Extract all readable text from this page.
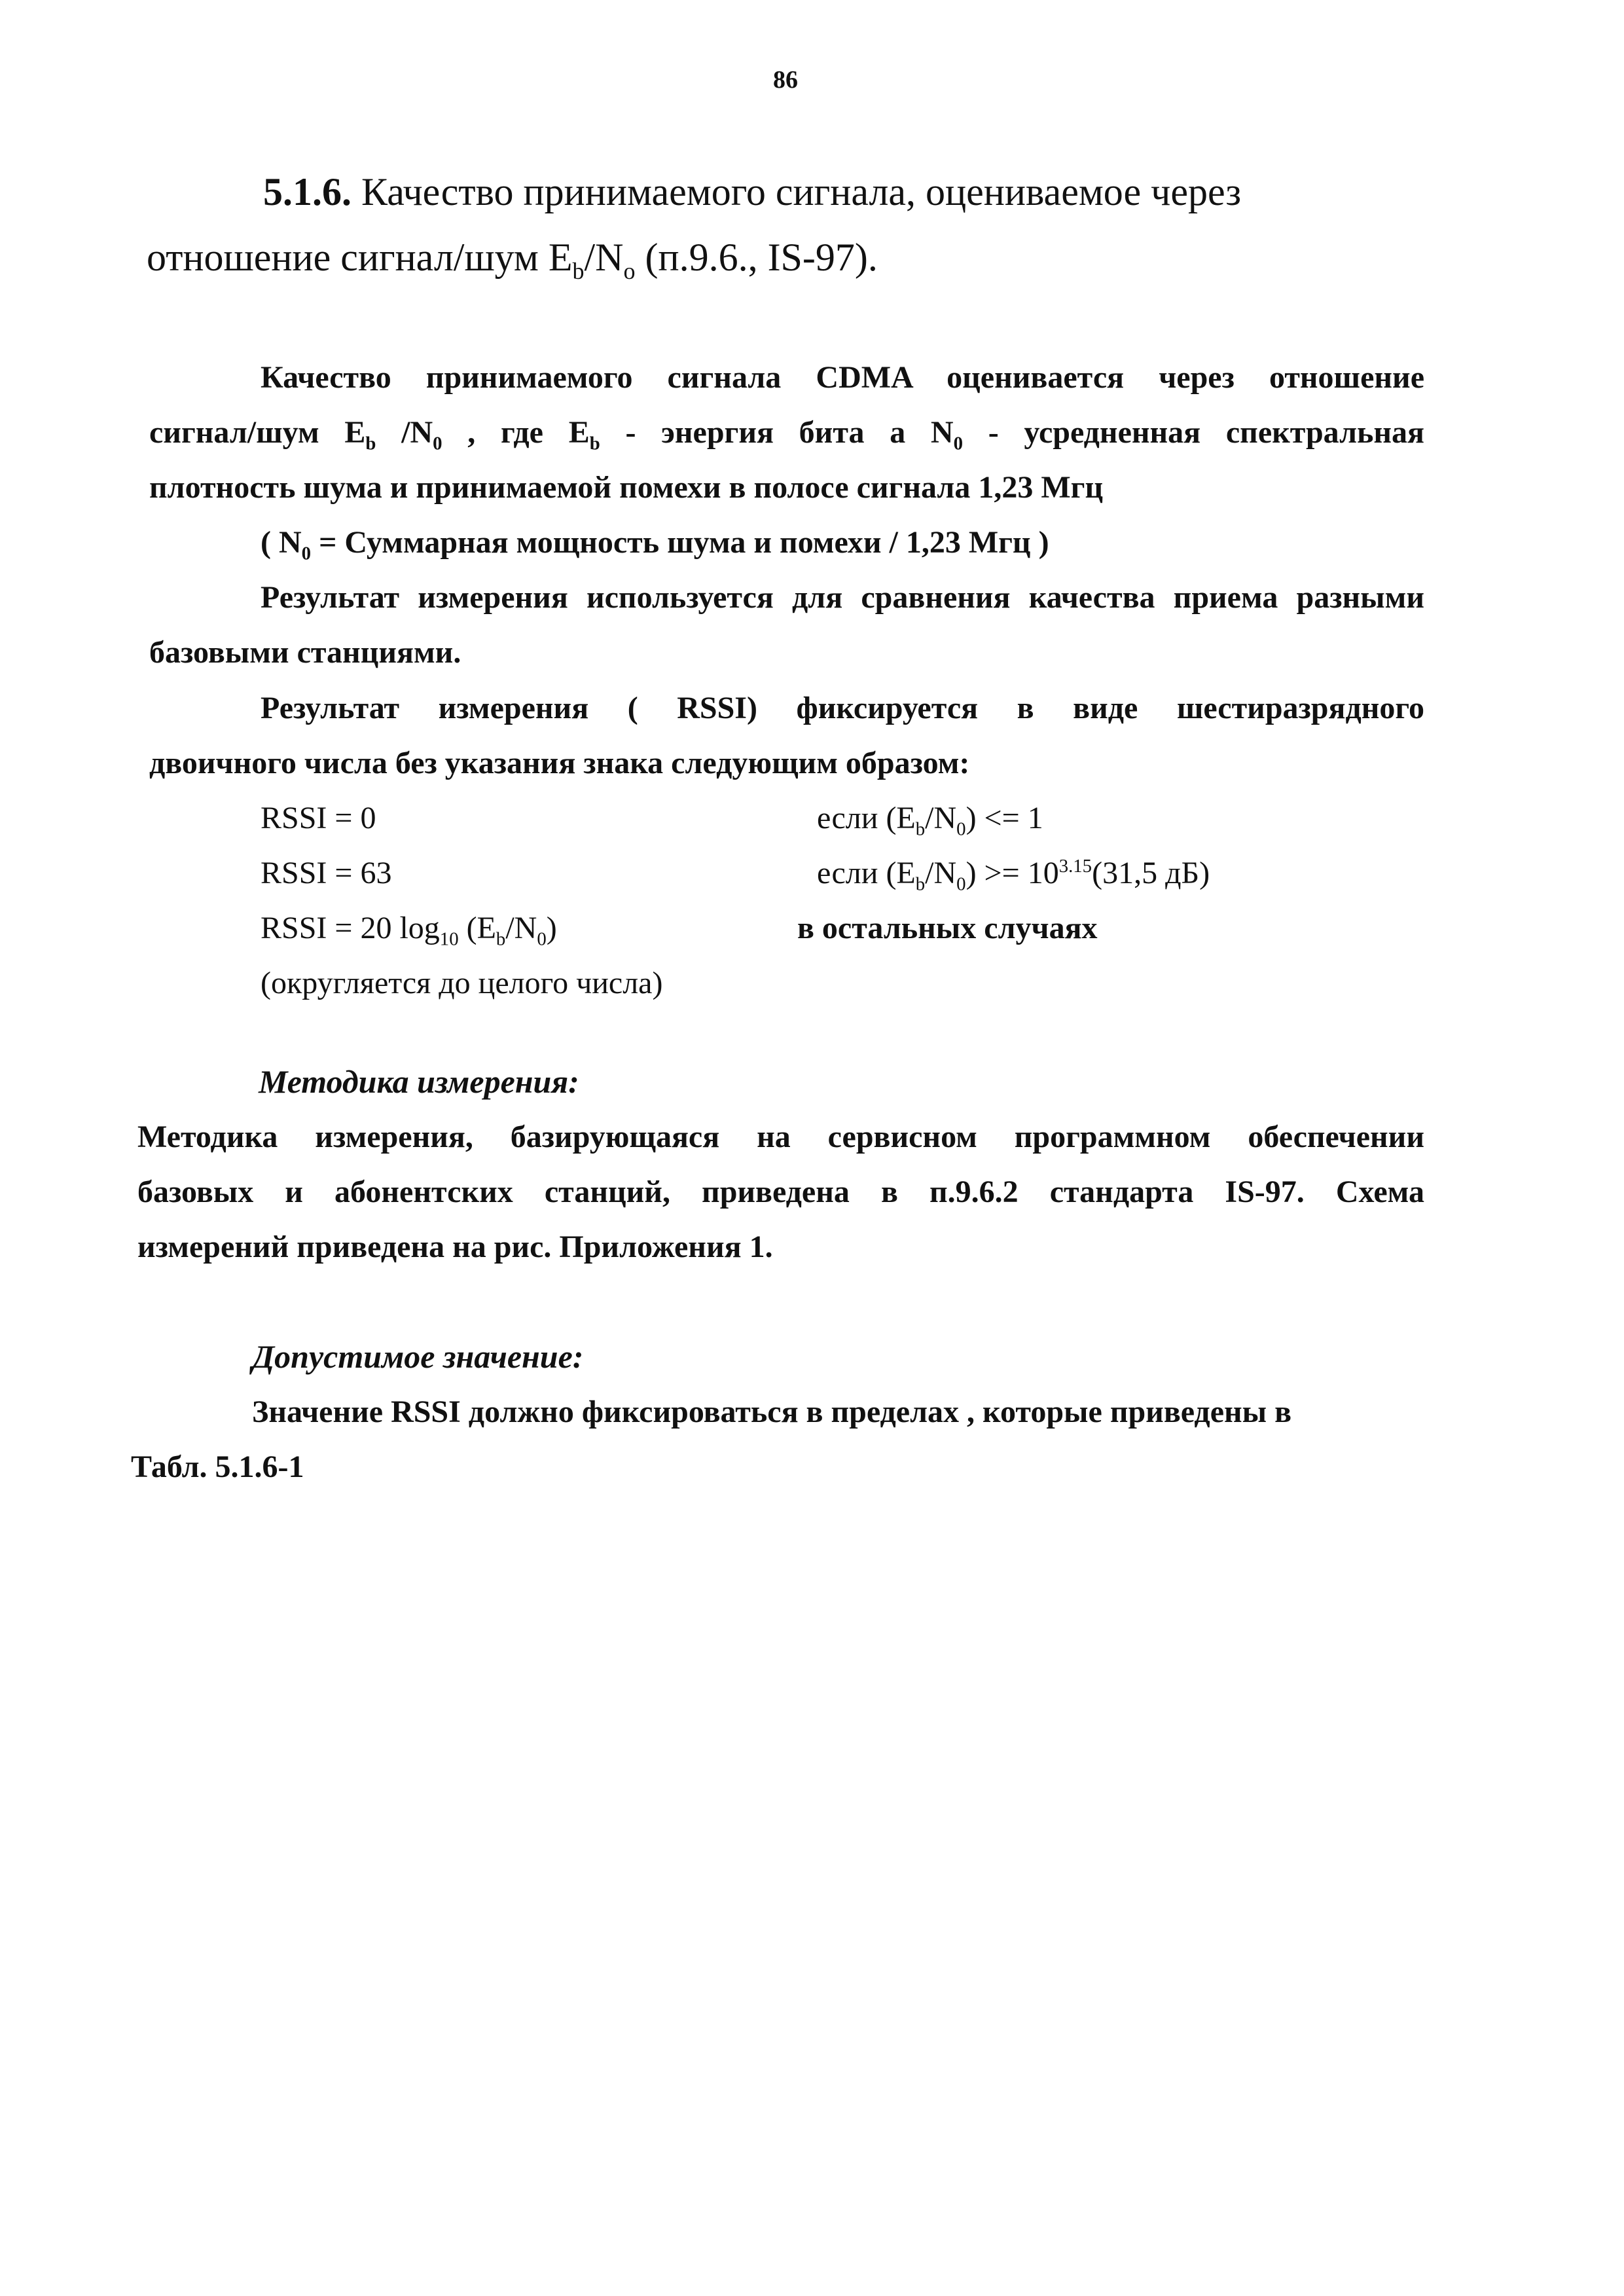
86
5.1.6. Качество принимаемого сигнала, оцениваемое через
отношение сигнал/шум $E_b/N_o$ (п.9.6., IS-97).
Качество принимаемого сигнала CDMA оценивается через отношение
сигнал/шум $E_b$ $/N_0$ , где $E_b$ - энергия бита а $N_0$ - усредненная спектральная
плотность шума и принимаемой помехи в полосе сигнала 1,23 Мгц
( $N_0$ = Суммарная мощность шума и помехи / 1,23 Мгц )
Результат измерения используется для сравнения качества приема разными
базовыми станциями.
Результат измерения ( RSSI) фиксируется в виде шестиразрядного
двоичного числа без указания знака следующим образом:
RSSI = 0	если $(E_b/N_0) <= 1$
RSSI = 63	если $(E_b/N_0) >= 10^{3.15}(31,5$ дБ)
RSSI = 20 $\log_{10} (E_b/N_0)$	в остальных случаях
(округляется до целого числа)
Методика измерения:
Методика измерения, базирующаяся на сервисном программном обеспечении
базовых и абонентских станций, приведена в п.9.6.2 стандарта IS-97. Схема
измерений приведена на рис. Приложения 1.
Допустимое значение:
Значение RSSI должно фиксироваться в пределах , которые приведены в
Табл. 5.1.6-1
